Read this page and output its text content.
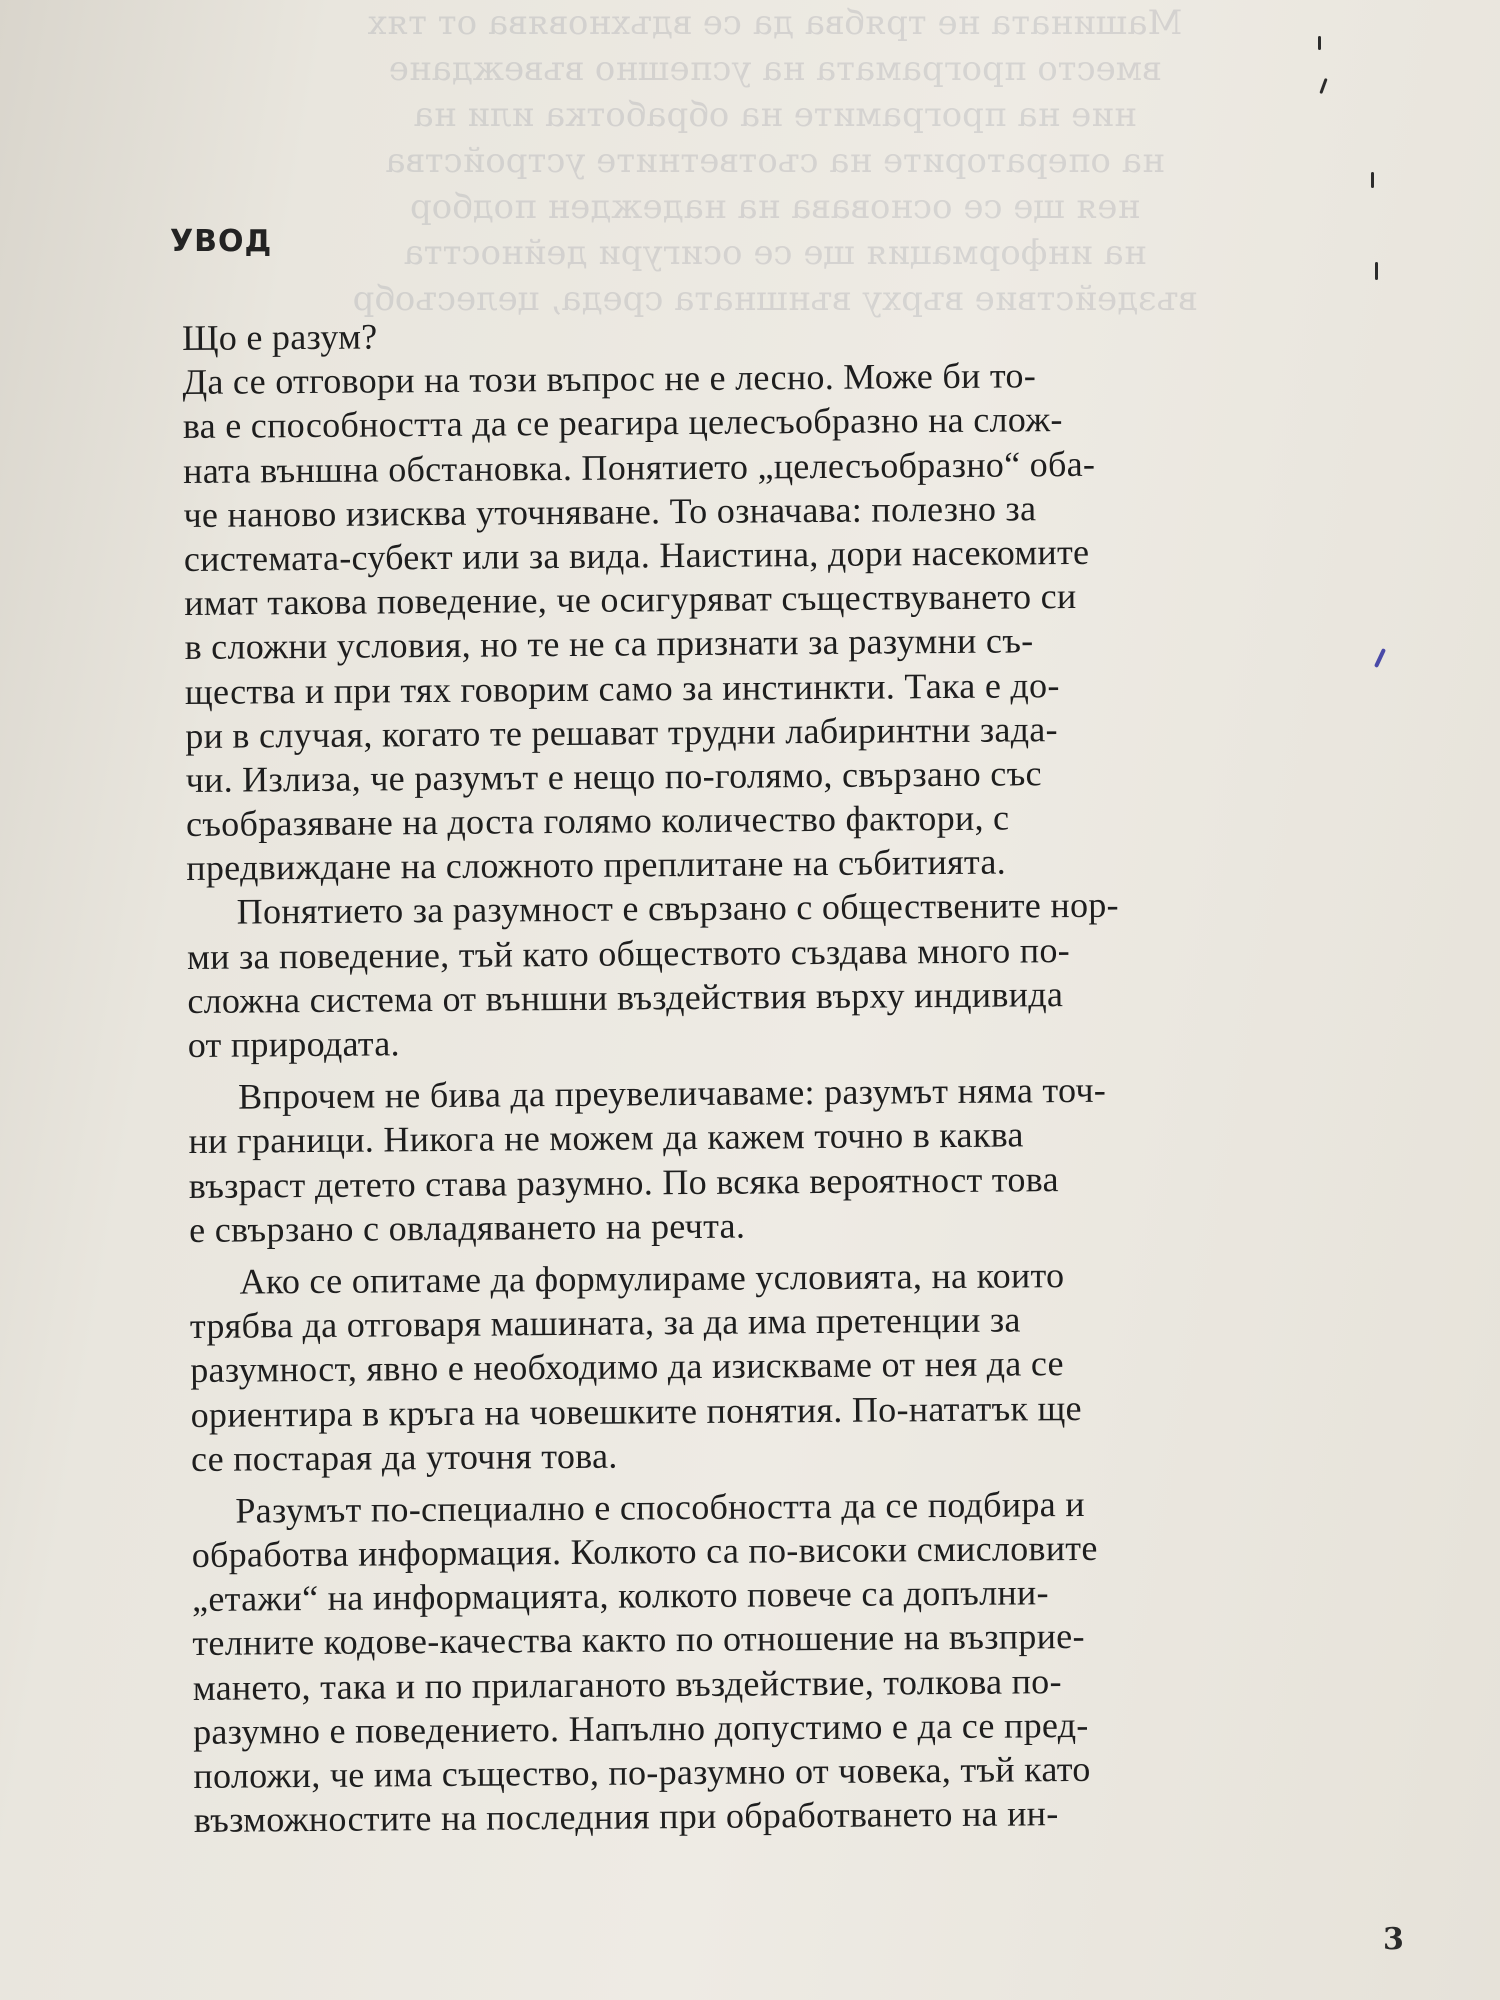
Машината не трябва да се вдъхновява от тях
вместо програмата на успешно въвеждане
ние на програмите на обработка или на
на операторите на съответните устройства
нея ще се основава на надежден подбор
на информация ще се осигури дейността
въздействие върху външната среда, целесъобр
УВОД

Що е разум?

Да се отговори на този въпрос не е лесно. Може би то-

ва е способността да се реагира целесъобразно на слож-

ната външна обстановка. Понятието „целесъобразно“ оба-

че наново изисква уточняване. То означава: полезно за

системата-субект или за вида. Наистина, дори насекомите

имат такова поведение, че осигуряват съществуването си

в сложни условия, но те не са признати за разумни съ-

щества и при тях говорим само за инстинкти. Така е до-

ри в случая, когато те решават трудни лабиринтни зада-

чи. Излиза, че разумът е нещо по-голямо, свързано със

съобразяване на доста голямо количество фактори, с

предвиждане на сложното преплитане на събитията.

Понятието за разумност е свързано с обществените нор-

ми за поведение, тъй като обществото създава много по-

сложна система от външни въздействия върху индивида

от природата.

Впрочем не бива да преувеличаваме: разумът няма точ-

ни граници. Никога не можем да кажем точно в каква

възраст детето става разумно. По всяка вероятност това

е свързано с овладяването на речта.

Ако се опитаме да формулираме условията, на които

трябва да отговаря машината, за да има претенции за

разумност, явно е необходимо да изискваме от нея да се

ориентира в кръга на човешките понятия. По-нататък ще

се постарая да уточня това.

Разумът по-специално е способността да се подбира и

обработва информация. Колкото са по-високи смисловите

„етажи“ на информацията, колкото повече са допълни-

телните кодове-качества както по отношение на възприе-

мането, така и по прилаганото въздействие, толкова по-

разумно е поведението. Напълно допустимо е да се пред-

положи, че има същество, по-разумно от човека, тъй като

възможностите на последния при обработването на ин-

3
